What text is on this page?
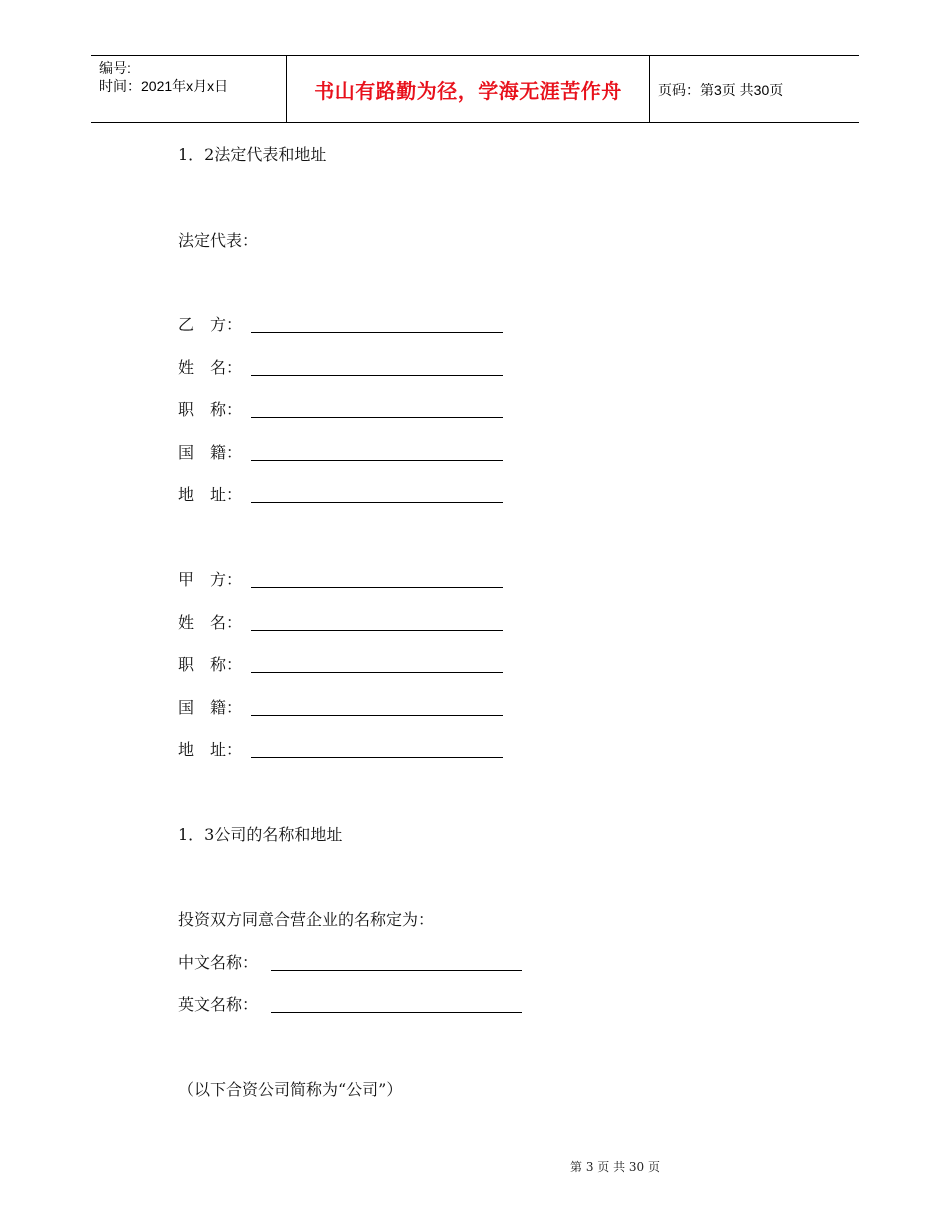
编号:
时间：2021年x月x日	书山有路勤为径，学海无涯苦作舟	页码：第3页 共30页
1．2法定代表和地址
法定代表：
乙　方：
姓　名：
职　称：
国　籍：
地　址：
甲　方：
姓　名：
职　称：
国　籍：
地　址：
1．3公司的名称和地址
投资双方同意合营企业的名称定为：
中文名称：
英文名称：
（以下合资公司简称为“公司”）
第 3 页 共 30 页
